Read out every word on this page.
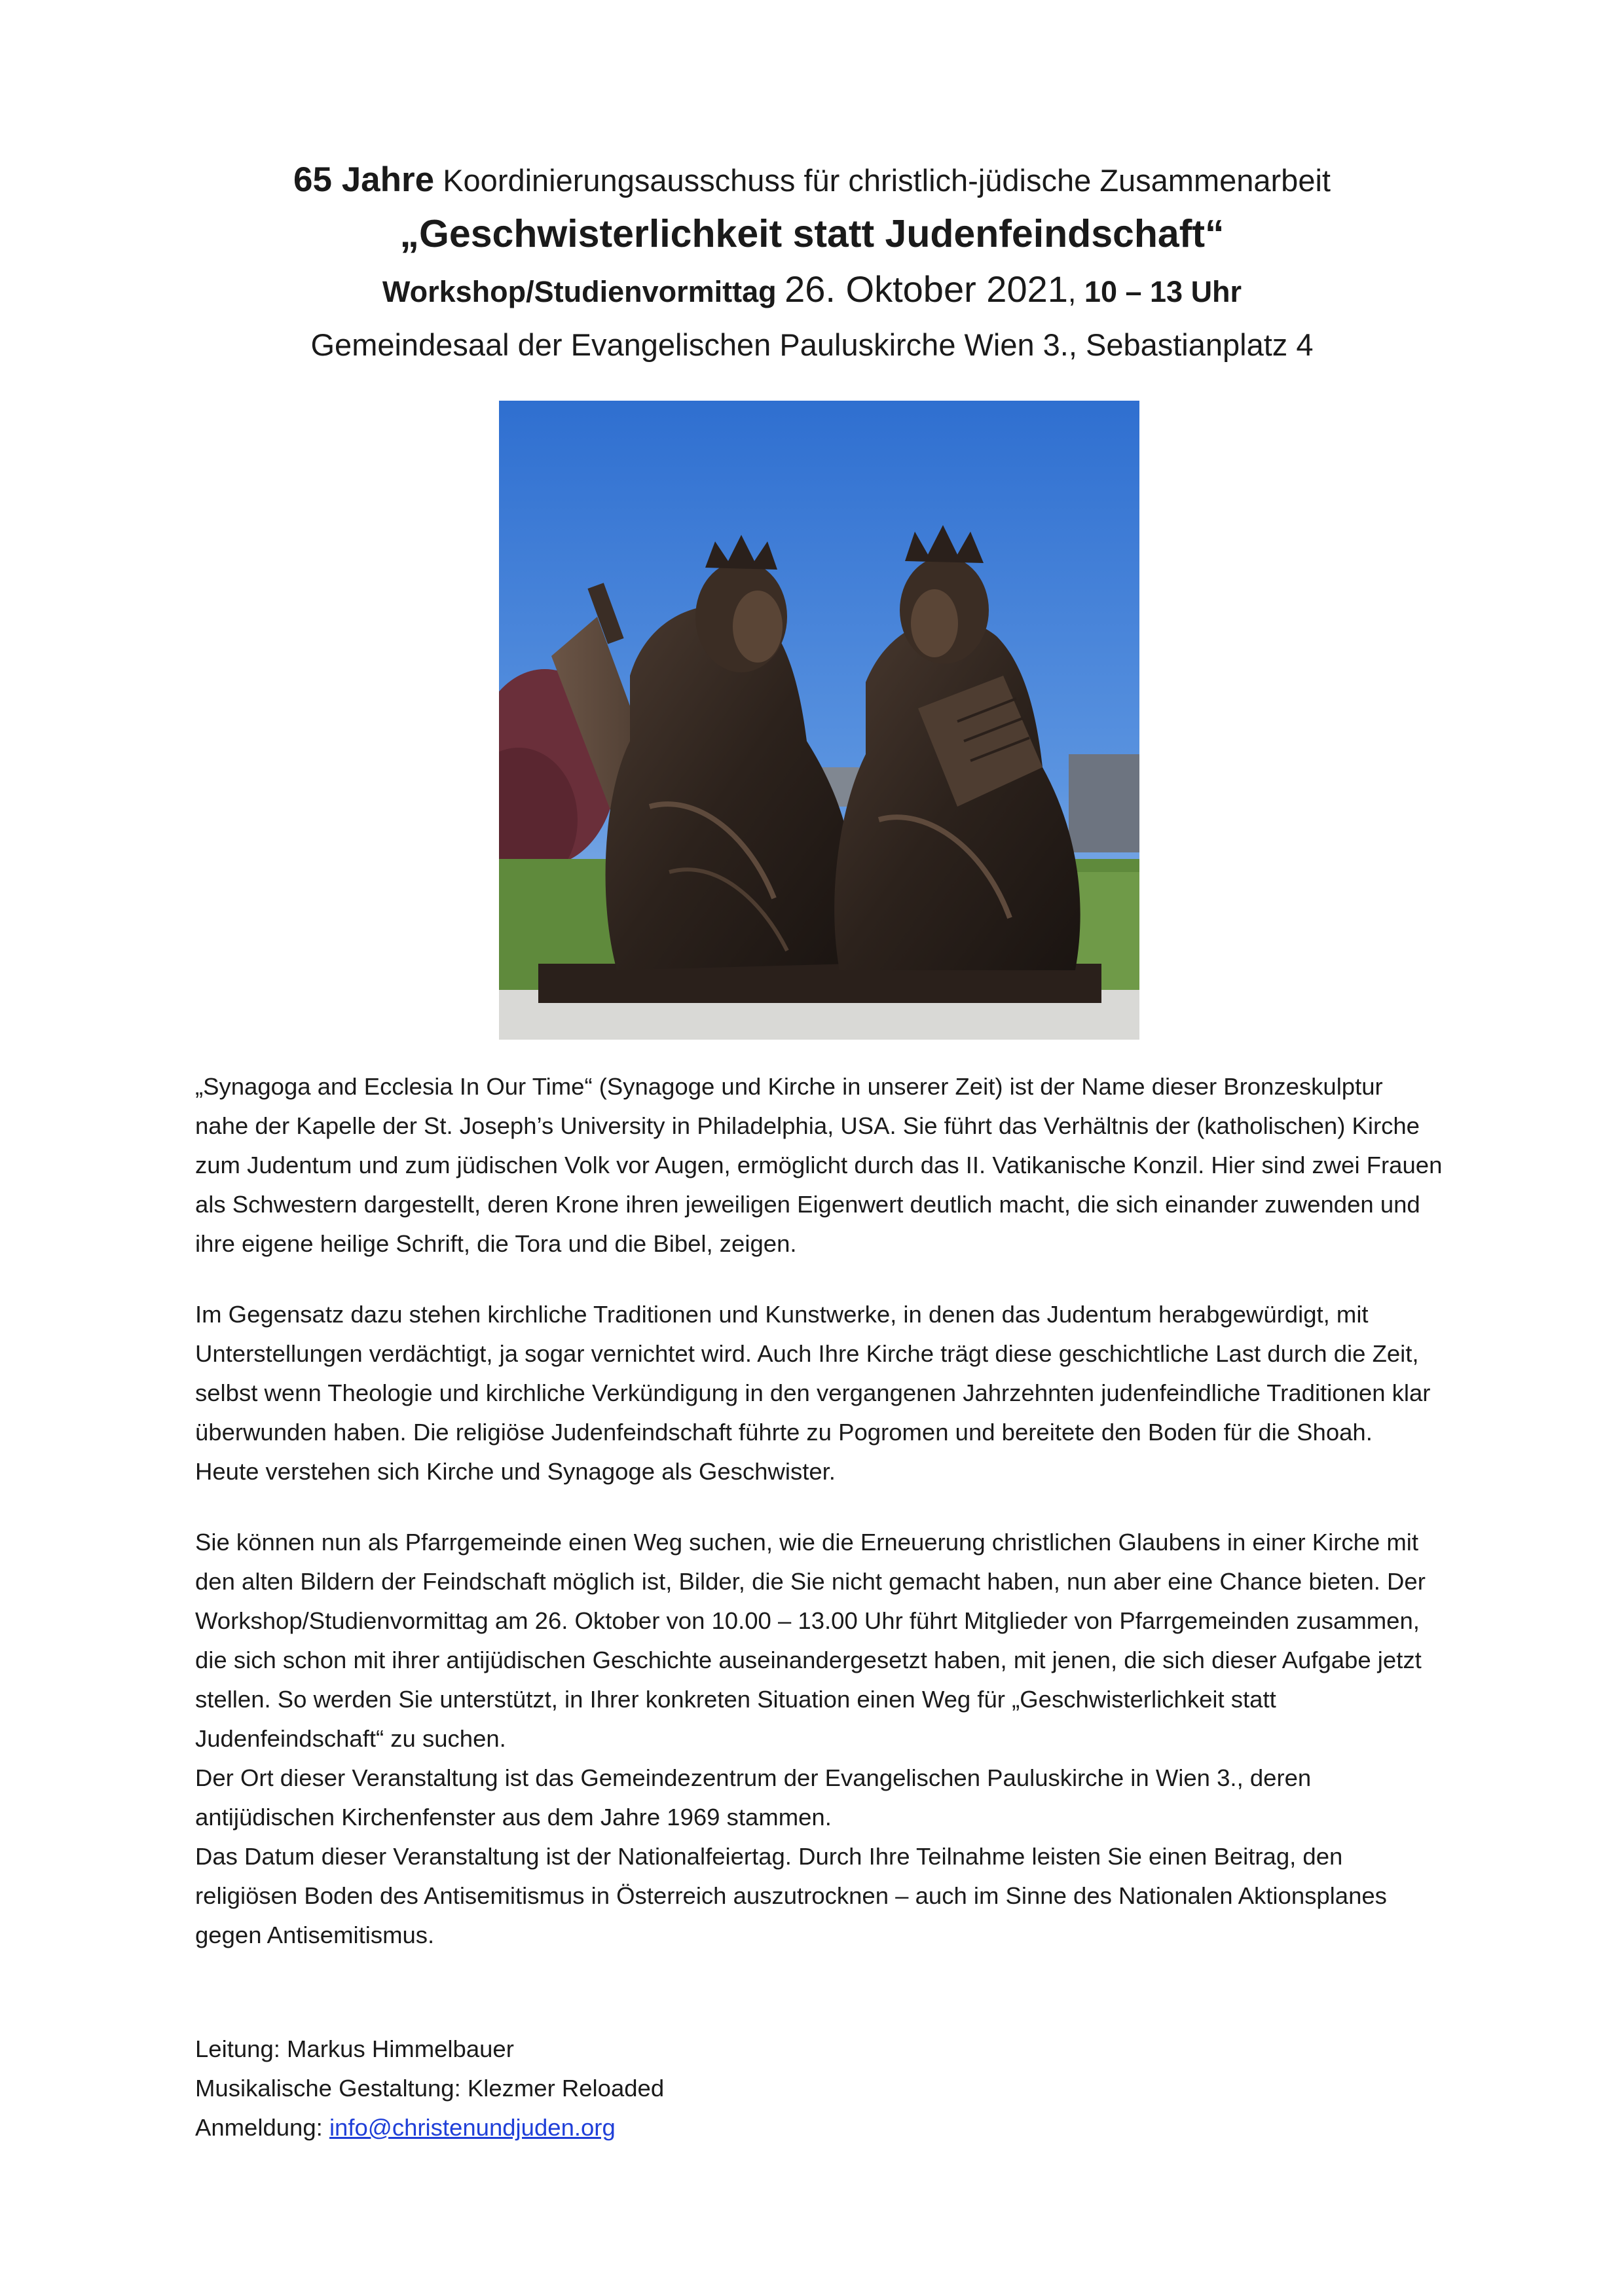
65 Jahre Koordinierungsausschuss für christlich-jüdische Zusammenarbeit
„Geschwisterlichkeit statt Judenfeindschaft“
Workshop/Studienvormittag 26. Oktober 2021, 10 – 13 Uhr
Gemeindesaal der Evangelischen Pauluskirche Wien 3., Sebastianplatz 4

„Synagoga and Ecclesia In Our Time“ (Synagoge und Kirche in unserer Zeit) ist der Name dieser Bronzeskulptur nahe der Kapelle der St. Joseph’s University in Philadelphia, USA. Sie führt das Verhältnis der (katholischen) Kirche zum Judentum und zum jüdischen Volk vor Augen, ermöglicht durch das II. Vatikanische Konzil. Hier sind zwei Frauen als Schwestern dargestellt, deren Krone ihren jeweiligen Eigenwert deutlich macht, die sich einander zuwenden und ihre eigene heilige Schrift, die Tora und die Bibel, zeigen.

Im Gegensatz dazu stehen kirchliche Traditionen und Kunstwerke, in denen das Judentum herabgewürdigt, mit Unterstellungen verdächtigt, ja sogar vernichtet wird. Auch Ihre Kirche trägt diese geschichtliche Last durch die Zeit, selbst wenn Theologie und kirchliche Verkündigung in den vergangenen Jahrzehnten judenfeindliche Traditionen klar überwunden haben. Die religiöse Judenfeindschaft führte zu Pogromen und bereitete den Boden für die Shoah. Heute verstehen sich Kirche und Synagoge als Geschwister.

Sie können nun als Pfarrgemeinde einen Weg suchen, wie die Erneuerung christlichen Glaubens in einer Kirche mit den alten Bildern der Feindschaft möglich ist, Bilder, die Sie nicht gemacht haben, nun aber eine Chance bieten. Der Workshop/Studienvormittag am 26. Oktober von 10.00 – 13.00 Uhr führt Mitglieder von Pfarrgemeinden zusammen, die sich schon mit ihrer antijüdischen Geschichte auseinandergesetzt haben, mit jenen, die sich dieser Aufgabe jetzt stellen. So werden Sie unterstützt, in Ihrer konkreten Situation einen Weg für „Geschwisterlichkeit statt Judenfeindschaft“ zu suchen.

Der Ort dieser Veranstaltung ist das Gemeindezentrum der Evangelischen Pauluskirche in Wien 3., deren antijüdischen Kirchenfenster aus dem Jahre 1969 stammen.

Das Datum dieser Veranstaltung ist der Nationalfeiertag. Durch Ihre Teilnahme leisten Sie einen Beitrag, den religiösen Boden des Antisemitismus in Österreich auszutrocknen – auch im Sinne des Nationalen Aktionsplanes gegen Antisemitismus.

Leitung: Markus Himmelbauer

Musikalische Gestaltung: Klezmer Reloaded

Anmeldung: info@christenundjuden.org
